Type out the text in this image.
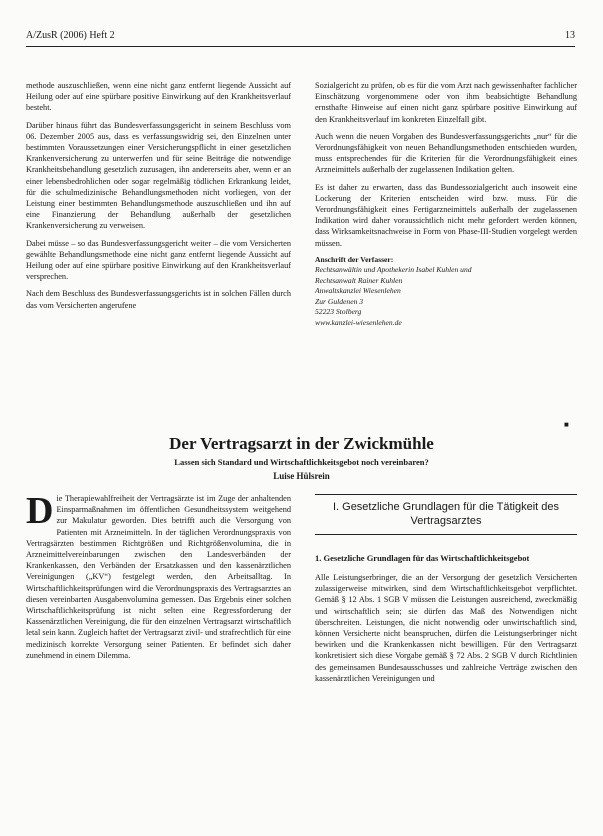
A/ZusR (2006) Heft 2	13

methode auszuschließen, wenn eine nicht ganz entfernt liegende Aussicht auf Heilung oder auf eine spürbare positive Einwirkung auf den Krankheitsverlauf besteht.

Darüber hinaus führt das Bundesverfassungsgericht in seinem Beschluss vom 06. Dezember 2005 aus, dass es verfassungswidrig sei, den Einzelnen unter bestimmten Voraussetzungen einer Versicherungspflicht in einer gesetzlichen Krankenversicherung zu unterwerfen und für seine Beiträge die notwendige Krankheitsbehandlung gesetzlich zuzusagen, ihn andererseits aber, wenn er an einer lebensbedrohlichen oder sogar regelmäßig tödlichen Erkrankung leidet, für die schulmedizinische Behandlungsmethoden nicht vorliegen, von der Leistung einer bestimmten Behandlungsmethode auszuschließen und ihn auf eine Finanzierung der Behandlung außerhalb der gesetzlichen Krankenversicherung zu verweisen.

Dabei müsse – so das Bundesverfassungsgericht weiter – die vom Versicherten gewählte Behandlungsmethode eine nicht ganz entfernt liegende Aussicht auf Heilung oder auf eine spürbare positive Einwirkung auf den Krankheitsverlauf versprechen.

Nach dem Beschluss des Bundesverfassungsgerichts ist in solchen Fällen durch das vom Versicherten angerufene

Sozialgericht zu prüfen, ob es für die vom Arzt nach gewissenhafter fachlicher Einschätzung vorgenommene oder von ihm beabsichtigte Behandlung ernsthafte Hinweise auf einen nicht ganz spürbare positive Einwirkung auf den Krankheitsverlauf im konkreten Einzelfall gibt.

Auch wenn die neuen Vorgaben des Bundesverfassungsgerichts „nur“ für die Verordnungsfähigkeit von neuen Behandlungsmethoden entschieden wurden, muss entsprechendes für die Kriterien für die Verordnungsfähigkeit eines Arzneimittels außerhalb der zugelassenen Indikation gelten.

Es ist daher zu erwarten, dass das Bundessozialgericht auch insoweit eine Lockerung der Kriterien entscheiden wird bzw. muss. Für die Verordnungsfähigkeit eines Fertigarzneimittels außerhalb der zugelassenen Indikation wird daher voraussichtlich nicht mehr gefordert werden können, dass Wirksamkeitsnachweise in Form von Phase-III-Studien vorgelegt werden müssen.

Anschrift der Verfasser:
Rechtsanwältin und Apothekerin Isabel Kuhlen und
Rechtsanwalt Rainer Kuhlen
Anwaltskanzlei Wiesenlehen
Zur Guldenen 3
52223 Stolberg
www.kanzlei-wiesenlehen.de
■
Der Vertragsarzt in der Zwickmühle
Lassen sich Standard und Wirtschaftlichkeitsgebot noch vereinbaren?
Luise Hülsrein

Die Therapiewahlfreiheit der Vertragsärzte ist im Zuge der anhaltenden Einsparmaßnahmen im öffentlichen Gesundheitssystem weitgehend zur Makulatur geworden. Dies betrifft auch die Versorgung von Patienten mit Arzneimitteln. In der täglichen Verordnungspraxis von Vertragsärzten bestimmen Richtgrößen und Richtgrößenvolumina, die in Arzneimittelvereinbarungen zwischen den Landesverbänden der Krankenkassen, den Verbänden der Ersatzkassen und den kassenärztlichen Vereinigungen („KV“) festgelegt werden, den Arbeitsalltag. In Wirtschaftlichkeitsprüfungen wird die Verordnungspraxis des Vertragsarztes an diesen vereinbarten Ausgabenvolumina gemessen. Das Ergebnis einer solchen Wirtschaftlichkeitsprüfung ist nicht selten eine Regressforderung der Kassenärztlichen Vereinigung, die für den einzelnen Vertragsarzt wirtschaftlich letal sein kann. Zugleich haftet der Vertragsarzt zivil- und strafrechtlich für eine medizinisch korrekte Versorgung seiner Patienten. Er befindet sich daher zunehmend in einem Dilemma.

I. Gesetzliche Grundlagen für die Tätigkeit des Vertragsarztes
1. Gesetzliche Grundlagen für das Wirtschaftlichkeitsgebot

Alle Leistungserbringer, die an der Versorgung der gesetzlich Versicherten zulassigerweise mitwirken, sind dem Wirtschaftlichkeitsgebot verpflichtet. Gemäß § 12 Abs. 1 SGB V müssen die Leistungen ausreichend, zweckmäßig und wirtschaftlich sein; sie dürfen das Maß des Notwendigen nicht überschreiten. Leistungen, die nicht notwendig oder unwirtschaftlich sind, können Versicherte nicht beanspruchen, dürfen die Leistungserbringer nicht bewirken und die Krankenkassen nicht bewilligen. Für den Vertragsarzt konkretisiert sich diese Vorgabe gemäß § 72 Abs. 2 SGB V durch Richtlinien des gemeinsamen Bundesausschusses und zahlreiche Verträge zwischen den kassenärztlichen Vereinigungen und
